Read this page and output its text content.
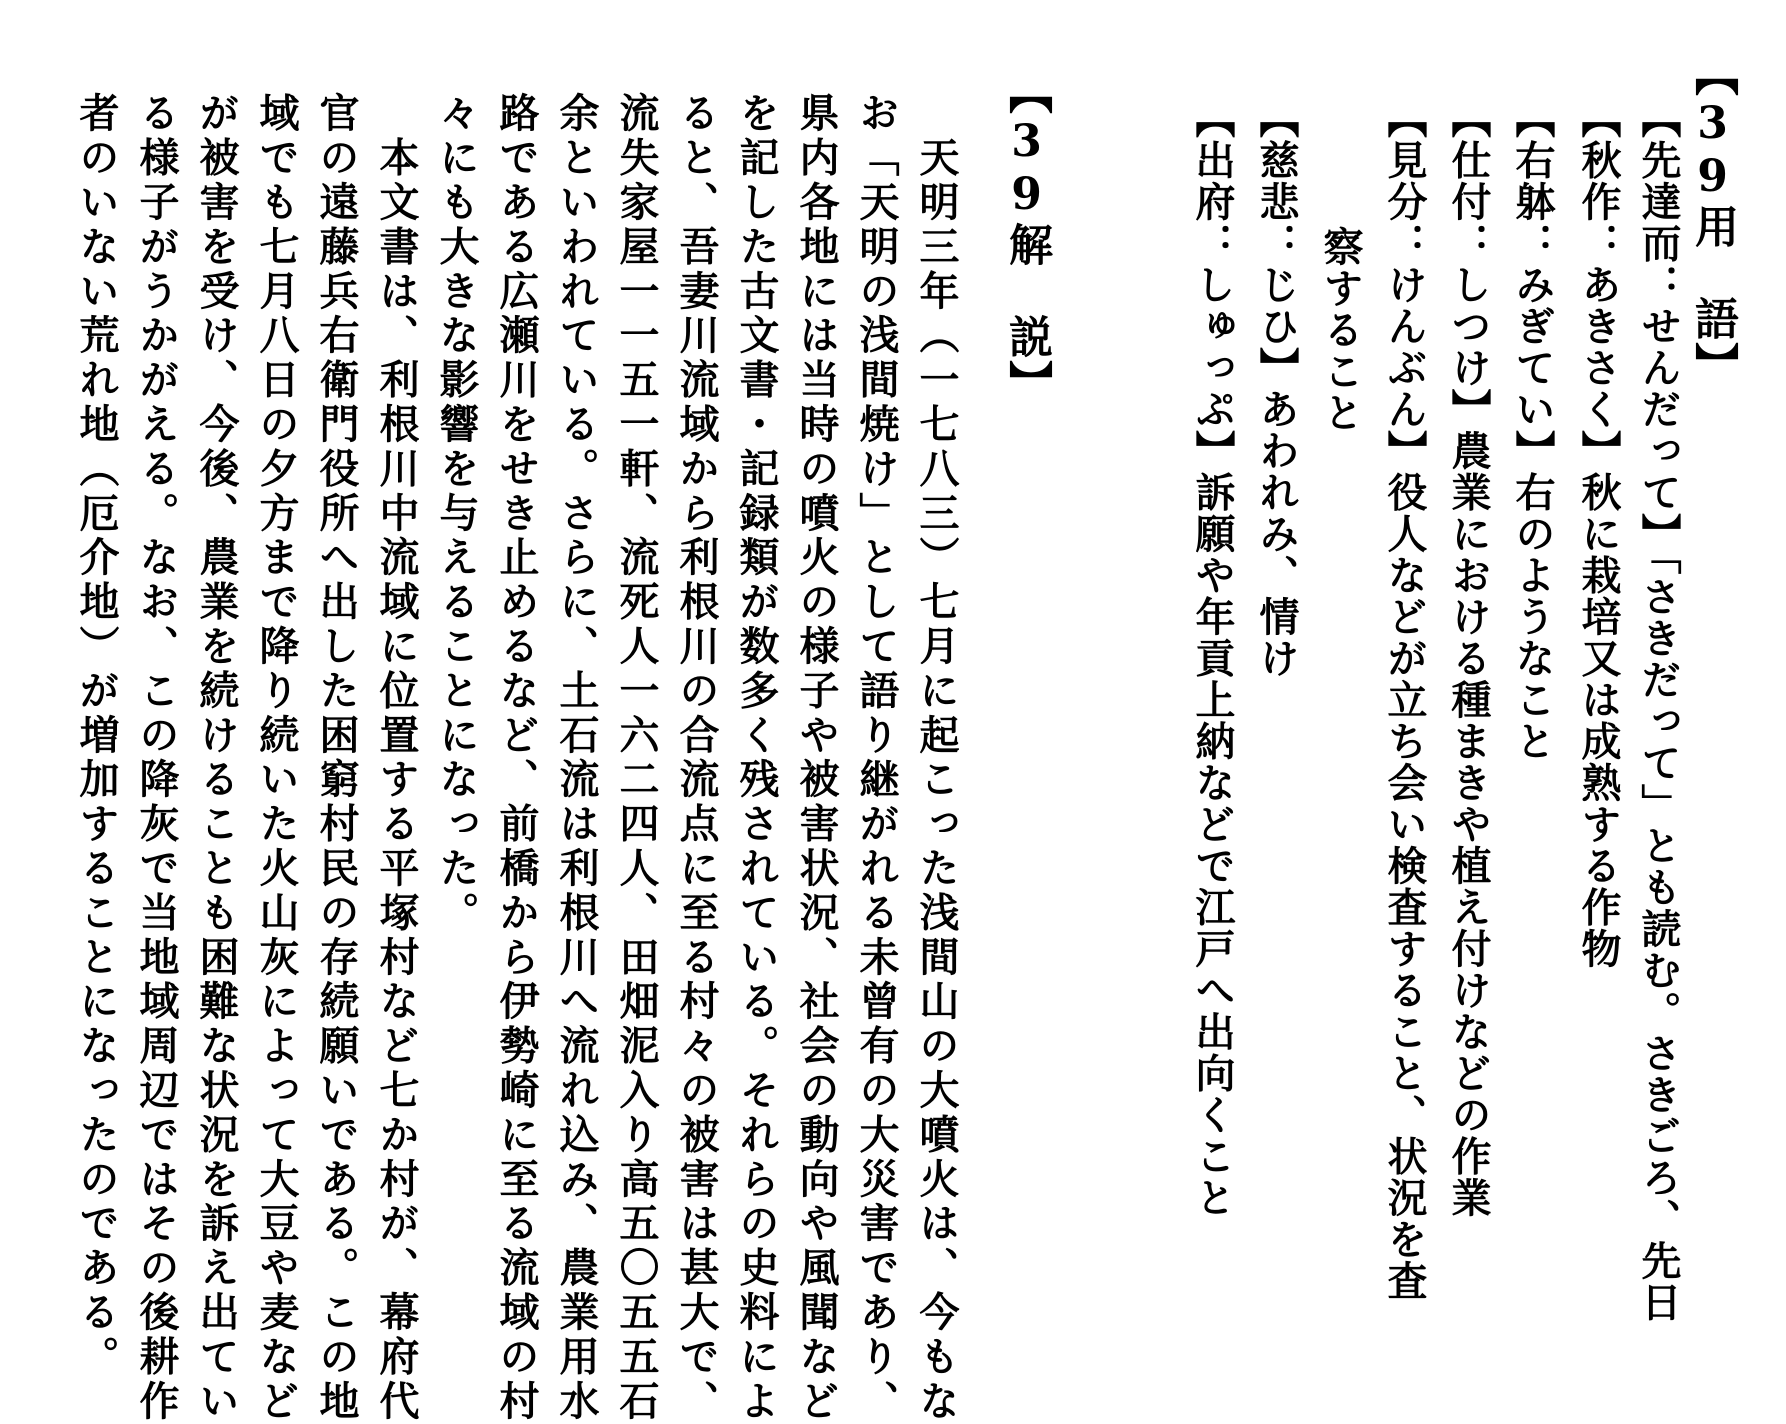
【39用　語】
【先達而：せんだって】「さきだって」とも読む。さきごろ、先日
【秋作：あきさく】秋に栽培又は成熟する作物
【右躰：みぎてい】右のようなこと
【仕付：しつけ】農業における種まきや植え付けなどの作業
【見分：けんぶん】役人などが立ち会い検査すること、状況を査
察すること
【慈悲：じひ】あわれみ、情け
【出府：しゅっぷ】訴願や年貢上納などで江戸へ出向くこと
【39解　説】
　天明三年（一七八三）七月に起こった浅間山の大噴火は、今もな
お「天明の浅間焼け」として語り継がれる未曾有の大災害であり、
県内各地には当時の噴火の様子や被害状況、社会の動向や風聞など
を記した古文書・記録類が数多く残されている。それらの史料によ
ると、吾妻川流域から利根川の合流点に至る村々の被害は甚大で、
流失家屋一一五一軒、流死人一六二四人、田畑泥入り高五〇五五石
余といわれている。さらに、土石流は利根川へ流れ込み、農業用水
路である広瀬川をせき止めるなど、前橋から伊勢崎に至る流域の村
々にも大きな影響を与えることになった。
　本文書は、利根川中流域に位置する平塚村など七か村が、幕府代
官の遠藤兵右衛門役所へ出した困窮村民の存続願いである。この地
域でも七月八日の夕方まで降り続いた火山灰によって大豆や麦など
が被害を受け、今後、農業を続けることも困難な状況を訴え出てい
る様子がうかがえる。なお、この降灰で当地域周辺ではその後耕作
者のいない荒れ地（厄介地）が増加することになったのである。
